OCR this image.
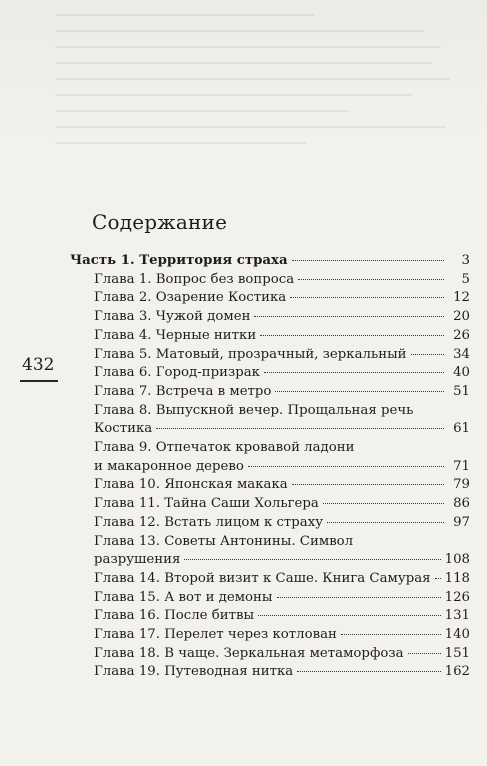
Содержание
432
Часть 1. Территория страха	3
Глава 1. Вопрос без вопроса	5
Глава 2. Озарение Костика	12
Глава 3. Чужой домен	20
Глава 4. Черные нитки	26
Глава 5. Матовый, прозрачный, зеркальный	34
Глава 6. Город-призрак	40
Глава 7. Встреча в метро	51
Глава 8. Выпускной вечер. Прощальная речь
Костика	61
Глава 9. Отпечаток кровавой ладони
и макаронное дерево	71
Глава 10. Японская макака	79
Глава 11. Тайна Саши Хольгера	86
Глава 12. Встать лицом к страху	97
Глава 13. Советы Антонины. Символ
разрушения	108
Глава 14. Второй визит к Саше. Книга Самурая 118
Глава 15. А вот и демоны	126
Глава 16. После битвы	131
Глава 17. Перелет через котлован	140
Глава 18. В чаще. Зеркальная метаморфоза	151
Глава 19. Путеводная нитка	162
